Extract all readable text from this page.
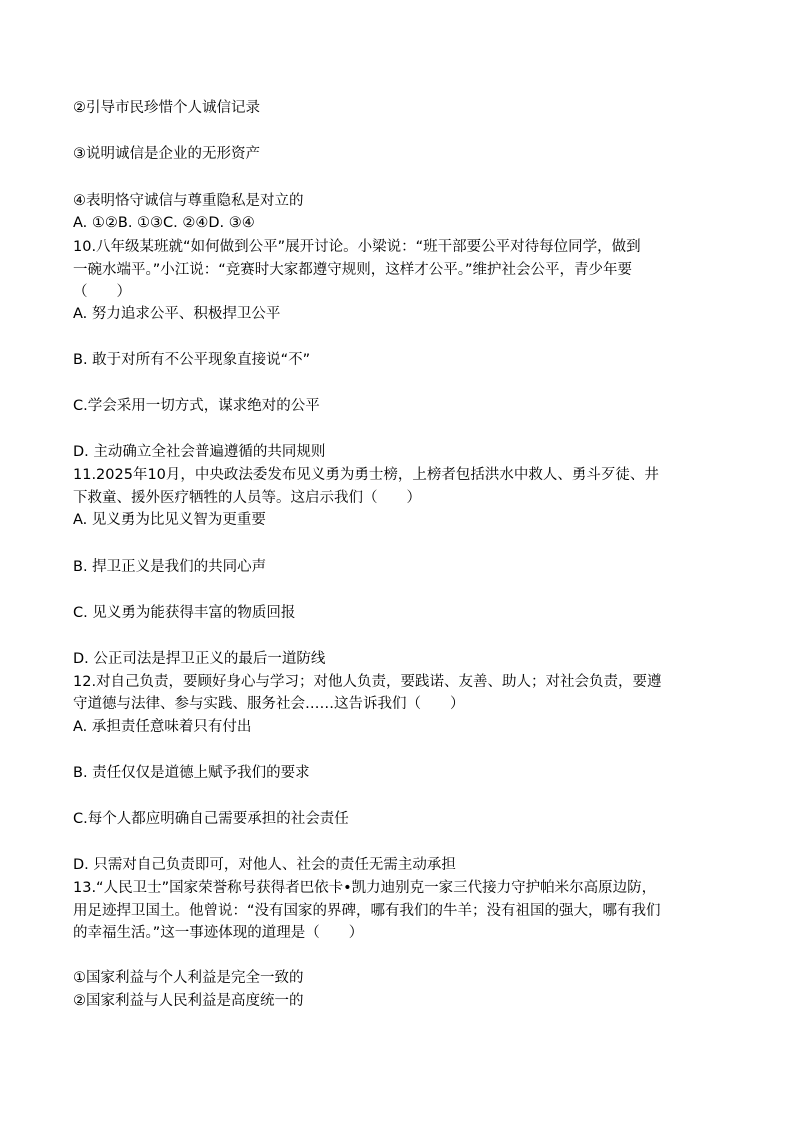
②引导市民珍惜个人诚信记录
③说明诚信是企业的无形资产
④表明恪守诚信与尊重隐私是对立的
A. ①②B. ①③C. ②④D. ③④
10.八年级某班就“如何做到公平”展开讨论。小梁说：“班干部要公平对待每位同学，做到
一碗水端平。”小江说：“竞赛时大家都遵守规则，这样才公平。”维护社会公平，青少年要
（　　）
A. 努力追求公平、积极捍卫公平
B. 敢于对所有不公平现象直接说“不”
C.学会采用一切方式，谋求绝对的公平
D. 主动确立全社会普遍遵循的共同规则
11.2025年10月，中央政法委发布见义勇为勇士榜，上榜者包括洪水中救人、勇斗歹徒、井
下救童、援外医疗牺牲的人员等。这启示我们（　　）
A. 见义勇为比见义智为更重要
B. 捍卫正义是我们的共同心声
C. 见义勇为能获得丰富的物质回报
D. 公正司法是捍卫正义的最后一道防线
12.对自己负责，要顾好身心与学习；对他人负责，要践诺、友善、助人；对社会负责，要遵
守道德与法律、参与实践、服务社会……这告诉我们（　　）
A. 承担责任意味着只有付出
B. 责任仅仅是道德上赋予我们的要求
C.每个人都应明确自己需要承担的社会责任
D. 只需对自己负责即可，对他人、社会的责任无需主动承担
13.“人民卫士”国家荣誉称号获得者巴依卡•凯力迪别克一家三代接力守护帕米尔高原边防，
用足迹捍卫国土。他曾说：“没有国家的界碑，哪有我们的牛羊；没有祖国的强大，哪有我们
的幸福生活。”这一事迹体现的道理是（　　）
①国家利益与个人利益是完全一致的
②国家利益与人民利益是高度统一的
